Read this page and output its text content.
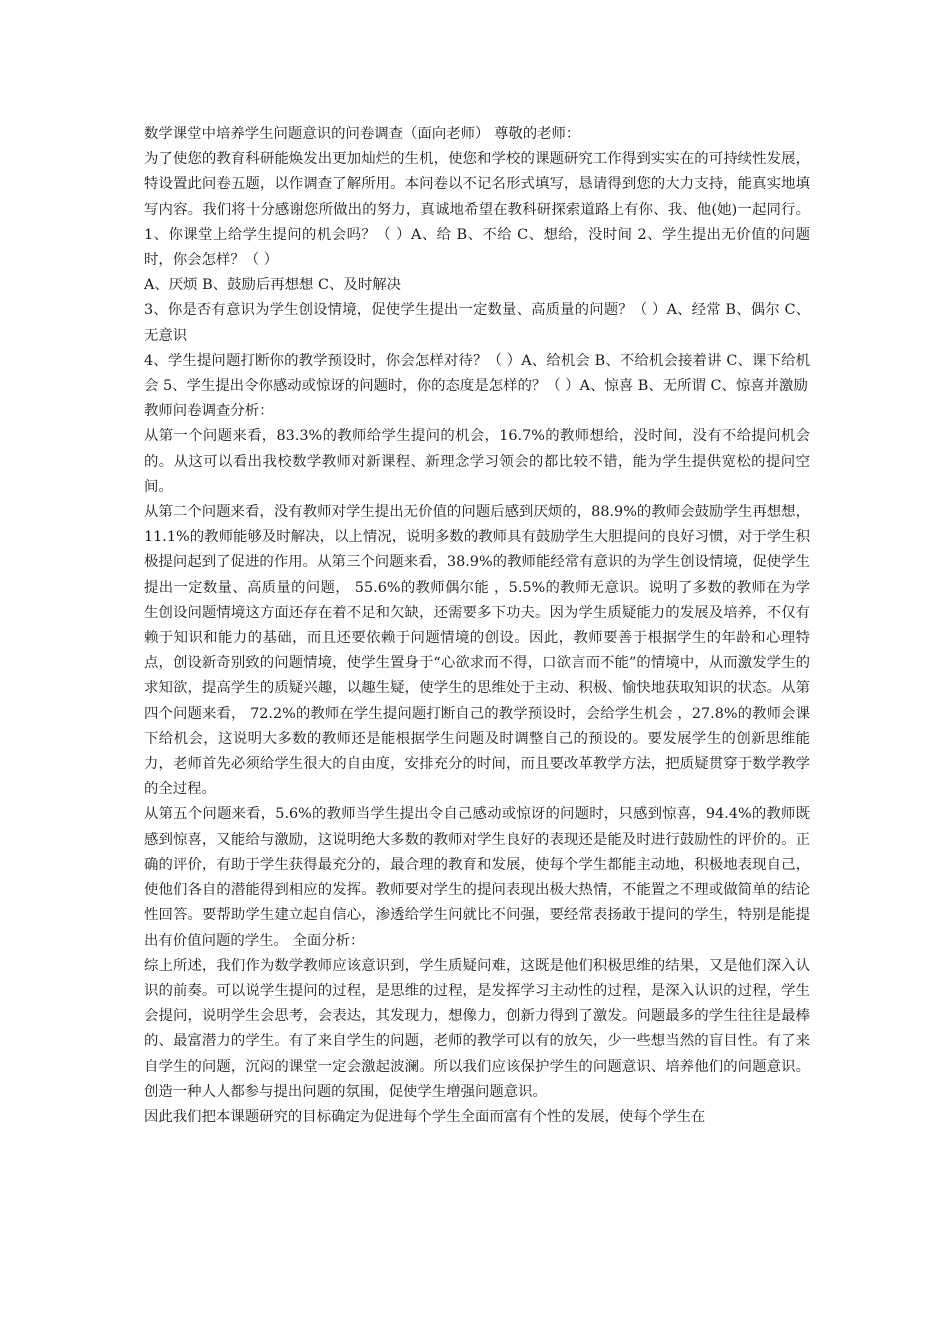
数学课堂中培养学生问题意识的问卷调查（面向老师） 尊敬的老师：

为了使您的教育科研能焕发出更加灿烂的生机，使您和学校的课题研究工作得到实实在的可持续性发展，特设置此问卷五题，以作调查了解所用。本问卷以不记名形式填写，恳请得到您的大力支持，能真实地填写内容。我们将十分感谢您所做出的努力，真诚地希望在教科研探索道路上有你、我、他(她)一起同行。1、你课堂上给学生提问的机会吗？（ ）A、给 B、不给 C、想给，没时间 2、学生提出无价值的问题时，你会怎样？（ ）

A、厌烦 B、鼓励后再想想 C、及时解决

3、你是否有意识为学生创设情境，促使学生提出一定数量、高质量的问题？（ ）A、经常 B、偶尔 C、无意识

4、学生提问题打断你的教学预设时，你会怎样对待？（ ）A、给机会 B、不给机会接着讲 C、课下给机会 5、学生提出令你感动或惊讶的问题时，你的态度是怎样的？（ ）A、惊喜 B、无所谓 C、惊喜并激励

教师问卷调查分析：

从第一个问题来看，83.3%的教师给学生提问的机会，16.7%的教师想给，没时间，没有不给提问机会的。从这可以看出我校数学教师对新课程、新理念学习领会的都比较不错，能为学生提供宽松的提问空间。

从第二个问题来看，没有教师对学生提出无价值的问题后感到厌烦的，88.9%的教师会鼓励学生再想想，11.1%的教师能够及时解决，以上情况，说明多数的教师具有鼓励学生大胆提问的良好习惯，对于学生积极提问起到了促进的作用。从第三个问题来看，38.9%的教师能经常有意识的为学生创设情境，促使学生提出一定数量、高质量的问题， 55.6%的教师偶尔能 ，5.5%的教师无意识。说明了多数的教师在为学生创设问题情境这方面还存在着不足和欠缺，还需要多下功夫。因为学生质疑能力的发展及培养，不仅有赖于知识和能力的基础，而且还要依赖于问题情境的创设。因此，教师要善于根据学生的年龄和心理特点，创设新奇别致的问题情境，使学生置身于“心欲求而不得，口欲言而不能”的情境中，从而激发学生的求知欲，提高学生的质疑兴趣，以趣生疑，使学生的思维处于主动、积极、愉快地获取知识的状态。从第四个问题来看， 72.2%的教师在学生提问题打断自己的教学预设时，会给学生机会 ，27.8%的教师会课下给机会，这说明大多数的教师还是能根据学生问题及时调整自己的预设的。要发展学生的创新思维能力，老师首先必须给学生很大的自由度，安排充分的时间，而且要改革教学方法，把质疑贯穿于数学教学的全过程。

从第五个问题来看，5.6%的教师当学生提出令自己感动或惊讶的问题时，只感到惊喜，94.4%的教师既感到惊喜，又能给与激励，这说明绝大多数的教师对学生良好的表现还是能及时进行鼓励性的评价的。正确的评价，有助于学生获得最充分的，最合理的教育和发展，使每个学生都能主动地，积极地表现自己，使他们各自的潜能得到相应的发挥。教师要对学生的提问表现出极大热情，不能置之不理或做简单的结论性回答。要帮助学生建立起自信心，渗透给学生问就比不问强，要经常表扬敢于提问的学生，特别是能提出有价值问题的学生。 全面分析：

综上所述，我们作为数学教师应该意识到，学生质疑问难，这既是他们积极思维的结果，又是他们深入认识的前奏。可以说学生提问的过程，是思维的过程，是发挥学习主动性的过程，是深入认识的过程，学生会提问，说明学生会思考，会表达，其发现力，想像力，创新力得到了激发。问题最多的学生往往是最棒的、最富潜力的学生。有了来自学生的问题，老师的教学可以有的放矢，少一些想当然的盲目性。有了来自学生的问题，沉闷的课堂一定会激起波澜。所以我们应该保护学生的问题意识、培养他们的问题意识。创造一种人人都参与提出问题的氛围，促使学生增强问题意识。

因此我们把本课题研究的目标确定为促进每个学生全面而富有个性的发展，使每个学生在
